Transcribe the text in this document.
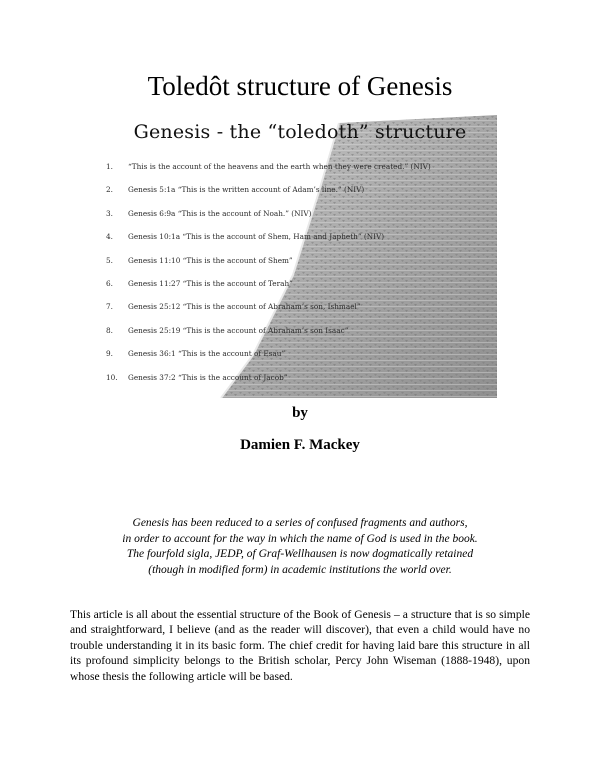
Toledôt structure of Genesis
Genesis - the “toledoth” structure
1. “This is the account of the heavens and the earth when they were created.” (NIV)
2. Genesis 5:1a “This is the written account of Adam’s line.” (NIV)
3. Genesis 6:9a “This is the account of Noah.” (NIV)
4. Genesis 10:1a “This is the account of Shem, Ham and Japheth” (NIV)
5. Genesis 11:10 “This is the account of Shem”
6. Genesis 11:27 “This is the account of Terah”
7. Genesis 25:12 “This is the account of Abraham’s son, Ishmael”
8. Genesis 25:19 “This is the account of Abraham’s son Isaac”
9. Genesis 36:1 “This is the account of Esau”
10. Genesis 37:2 “This is the account of Jacob”
by
Damien F. Mackey
Genesis has been reduced to a series of confused fragments and authors,
in order to account for the way in which the name of God is used in the book.
The fourfold sigla, JEDP, of Graf-Wellhausen is now dogmatically retained
(though in modified form) in academic institutions the world over.
This article is all about the essential structure of the Book of Genesis – a structure that is so simple and straightforward, I believe (and as the reader will discover), that even a child would have no trouble understanding it in its basic form. The chief credit for having laid bare this structure in all its profound simplicity belongs to the British scholar, Percy John Wiseman (1888-1948), upon whose thesis the following article will be based.
